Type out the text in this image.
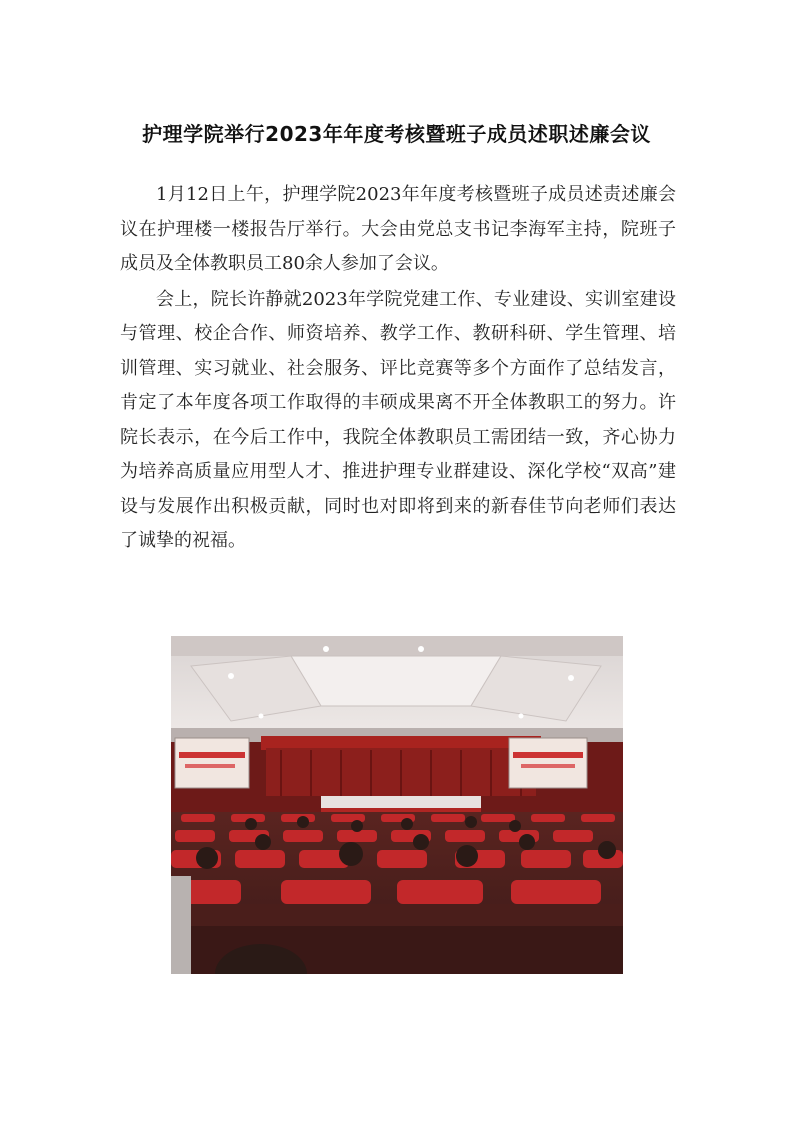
护理学院举行2023年年度考核暨班子成员述职述廉会议

1月12日上午，护理学院2023年年度考核暨班子成员述责述廉会议在护理楼一楼报告厅举行。大会由党总支书记李海军主持，院班子成员及全体教职员工80余人参加了会议。

会上，院长许静就2023年学院党建工作、专业建设、实训室建设与管理、校企合作、师资培养、教学工作、教研科研、学生管理、培训管理、实习就业、社会服务、评比竞赛等多个方面作了总结发言，肯定了本年度各项工作取得的丰硕成果离不开全体教职工的努力。许院长表示，在今后工作中，我院全体教职员工需团结一致，齐心协力为培养高质量应用型人才、推进护理专业群建设、深化学校“双高”建设与发展作出积极贡献，同时也对即将到来的新春佳节向老师们表达了诚挚的祝福。
